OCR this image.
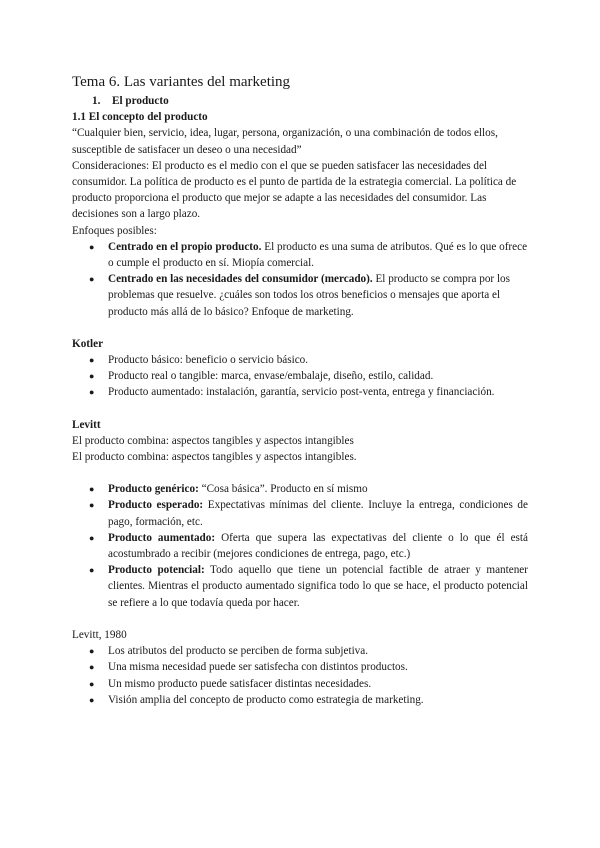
Tema 6. Las variantes del marketing

1. El producto

1.1 El concepto del producto

“Cualquier bien, servicio, idea, lugar, persona, organización, o una combinación de todos ellos, susceptible de satisfacer un deseo o una necesidad”

Consideraciones: El producto es el medio con el que se pueden satisfacer las necesidades del consumidor. La política de producto es el punto de partida de la estrategia comercial. La política de producto proporciona el producto que mejor se adapte a las necesidades del consumidor. Las decisiones son a largo plazo.

Enfoques posibles:

● Centrado en el propio producto. El producto es una suma de atributos. Qué es lo que ofrece o cumple el producto en sí. Miopía comercial.
● Centrado en las necesidades del consumidor (mercado). El producto se compra por los problemas que resuelve. ¿cuáles son todos los otros beneficios o mensajes que aporta el producto más allá de lo básico? Enfoque de marketing.

Kotler

● Producto básico: beneficio o servicio básico.
● Producto real o tangible: marca, envase/embalaje, diseño, estilo, calidad.
● Producto aumentado: instalación, garantía, servicio post-venta, entrega y financiación.

Levitt

El producto combina: aspectos tangibles y aspectos intangibles

El producto combina: aspectos tangibles y aspectos intangibles.

● Producto genérico: “Cosa básica”. Producto en sí mismo
● Producto esperado: Expectativas mínimas del cliente. Incluye la entrega, condiciones de pago, formación, etc.
● Producto aumentado: Oferta que supera las expectativas del cliente o lo que él está acostumbrado a recibir (mejores condiciones de entrega, pago, etc.)
● Producto potencial: Todo aquello que tiene un potencial factible de atraer y mantener clientes. Mientras el producto aumentado significa todo lo que se hace, el producto potencial se refiere a lo que todavía queda por hacer.

Levitt, 1980

● Los atributos del producto se perciben de forma subjetiva.
● Una misma necesidad puede ser satisfecha con distintos productos.
● Un mismo producto puede satisfacer distintas necesidades.
● Visión amplia del concepto de producto como estrategia de marketing.
